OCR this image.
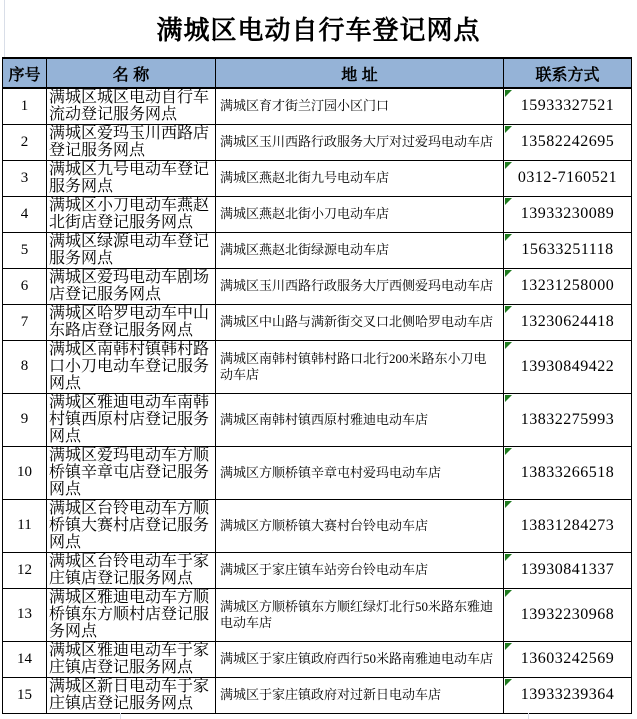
满城区电动自行车登记网点
序号	名 称	地 址	联系方式
1	满城区城区电动自行车流动登记服务网点	满城区育才街兰汀园小区门口	15933327521
2	满城区爱玛玉川西路店登记服务网点	满城区玉川西路行政服务大厅对过爱玛电动车店	13582242695
3	满城区九号电动车登记服务网点	满城区燕赵北街九号电动车店	0312-7160521
4	满城区小刀电动车燕赵北街店登记服务网点	满城区燕赵北街小刀电动车店	13933230089
5	满城区绿源电动车登记服务网点	满城区燕赵北街绿源电动车店	15633251118
6	满城区爱玛电动车剧场店登记服务网点	满城区玉川西路行政服务大厅西侧爱玛电动车店	13231258000
7	满城区哈罗电动车中山东路店登记服务网点	满城区中山路与满新街交叉口北侧哈罗电动车店	13230624418
8	满城区南韩村镇韩村路口小刀电动车登记服务网点	满城区南韩村镇韩村路口北行200米路东小刀电动车店	13930849422
9	满城区雅迪电动车南韩村镇西原村店登记服务网点	满城区南韩村镇西原村雅迪电动车店	13832275993
10	满城区爱玛电动车方顺桥镇辛章屯店登记服务网点	满城区方顺桥镇辛章屯村爱玛电动车店	13833266518
11	满城区台铃电动车方顺桥镇大赛村店登记服务网点	满城区方顺桥镇大赛村台铃电动车店	13831284273
12	满城区台铃电动车于家庄镇店登记服务网点	满城区于家庄镇车站旁台铃电动车店	13930841337
13	满城区雅迪电动车方顺桥镇东方顺村店登记服务网点	满城区方顺桥镇东方顺红绿灯北行50米路东雅迪电动车店	13932230968
14	满城区雅迪电动车于家庄镇店登记服务网点	满城区于家庄镇政府西行50米路南雅迪电动车店	13603242569
15	满城区新日电动车于家庄镇店登记服务网点	满城区于家庄镇政府对过新日电动车店	13933239364
